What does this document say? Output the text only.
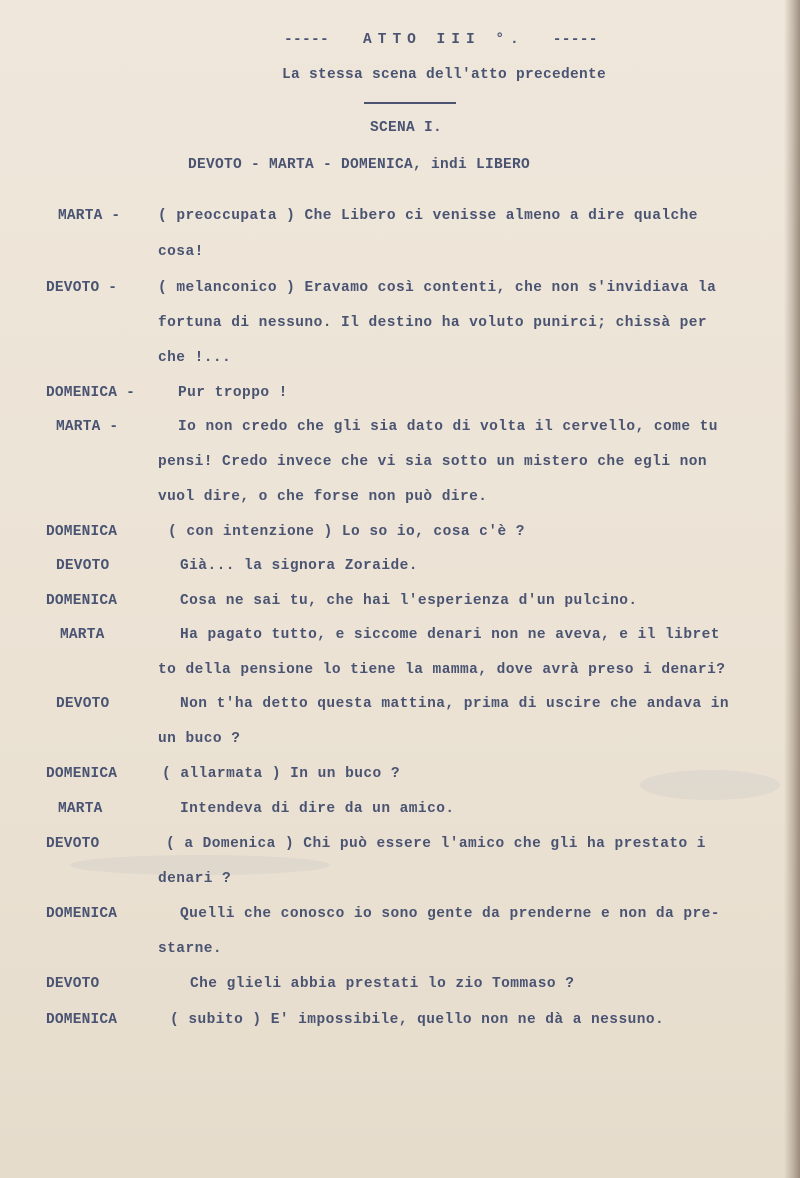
----- ATTO III °. -----
La stessa scena dell'atto precedente
SCENA I.
DEVOTO - MARTA - DOMENICA, indi LIBERO
MARTA -	( preoccupata ) Che Libero ci venisse almeno a dire qualche
cosa!
DEVOTO -	( melanconico ) Eravamo così contenti, che non s'invidiava la
fortuna di nessuno. Il destino ha voluto punirci; chissà per
che !...
DOMENICA -	Pur troppo !
MARTA -	Io non credo che gli sia dato di volta il cervello, come tu
pensi! Credo invece che vi sia sotto un mistero che egli non
vuol dire, o che forse non può dire.
DOMENICA	( con intenzione ) Lo so io, cosa c'è ?
DEVOTO	Già... la signora Zoraide.
DOMENICA	Cosa ne sai tu, che hai l'esperienza d'un pulcino.
MARTA	Ha pagato tutto, e siccome denari non ne aveva, e il libret
to della pensione lo tiene la mamma, dove avrà preso i denari?
DEVOTO	Non t'ha detto questa mattina, prima di uscire che andava in
un buco ?
DOMENICA	( allarmata ) In un buco ?
MARTA	Intendeva di dire da un amico.
DEVOTO	( a Domenica ) Chi può essere l'amico che gli ha prestato i
denari ?
DOMENICA	Quelli che conosco io sono gente da prenderne e non da pre-
starne.
DEVOTO	Che glieli abbia prestati lo zio Tommaso ?
DOMENICA	( subito ) E' impossibile, quello non ne dà a nessuno.
